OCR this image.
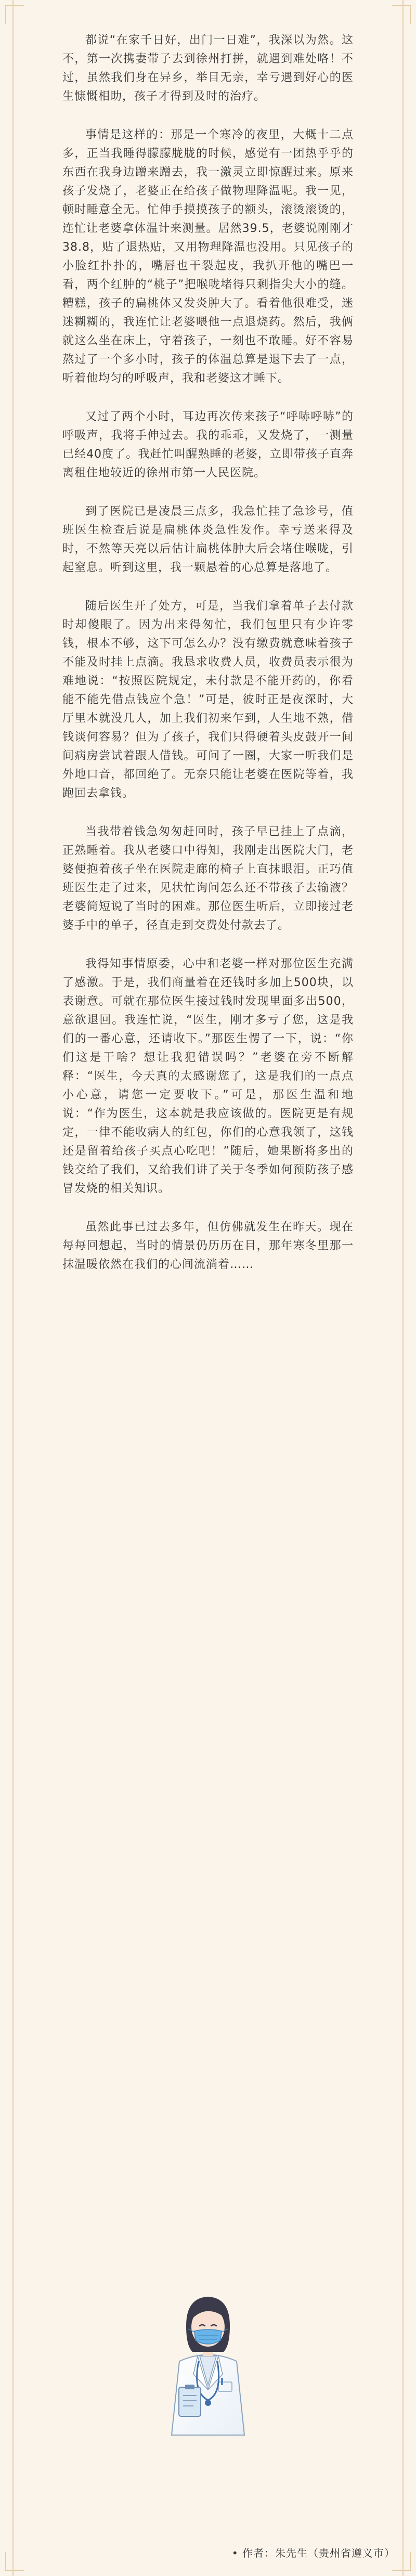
都说“在家千日好，出门一日难”，我深以为然。这不，第一次携妻带子去到徐州打拼，就遇到难处咯！不过，虽然我们身在异乡，举目无亲，幸亏遇到好心的医生慷慨相助，孩子才得到及时的治疗。

事情是这样的：那是一个寒冷的夜里，大概十二点多，正当我睡得朦朦胧胧的时候，感觉有一团热乎乎的东西在我身边蹭来蹭去，我一激灵立即惊醒过来。原来孩子发烧了，老婆正在给孩子做物理降温呢。我一见，顿时睡意全无。忙伸手摸摸孩子的额头，滚烫滚烫的，连忙让老婆拿体温计来测量。居然39.5，老婆说刚刚才38.8，贴了退热贴，又用物理降温也没用。只见孩子的小脸红扑扑的，嘴唇也干裂起皮，我扒开他的嘴巴一看，两个红肿的“桃子”把喉咙堵得只剩指尖大小的缝。糟糕，孩子的扁桃体又发炎肿大了。看着他很难受，迷迷糊糊的，我连忙让老婆喂他一点退烧药。然后，我俩就这么坐在床上，守着孩子，一刻也不敢睡。好不容易熬过了一个多小时，孩子的体温总算是退下去了一点，听着他均匀的呼吸声，我和老婆这才睡下。

又过了两个小时，耳边再次传来孩子“呼哧呼哧”的呼吸声，我将手伸过去。我的乖乖，又发烧了，一测量已经40度了。我赶忙叫醒熟睡的老婆，立即带孩子直奔离租住地较近的徐州市第一人民医院。

到了医院已是凌晨三点多，我急忙挂了急诊号，值班医生检查后说是扁桃体炎急性发作。幸亏送来得及时，不然等天亮以后估计扁桃体肿大后会堵住喉咙，引起窒息。听到这里，我一颗悬着的心总算是落地了。

随后医生开了处方，可是，当我们拿着单子去付款时却傻眼了。因为出来得匆忙，我们包里只有少许零钱，根本不够，这下可怎么办？没有缴费就意味着孩子不能及时挂上点滴。我恳求收费人员，收费员表示很为难地说：“按照医院规定，未付款是不能开药的，你看能不能先借点钱应个急！”可是，彼时正是夜深时，大厅里本就没几人，加上我们初来乍到，人生地不熟，借钱谈何容易？但为了孩子，我们只得硬着头皮鼓开一间间病房尝试着跟人借钱。可问了一圈，大家一听我们是外地口音，都回绝了。无奈只能让老婆在医院等着，我跑回去拿钱。

当我带着钱急匆匆赶回时，孩子早已挂上了点滴，正熟睡着。我从老婆口中得知，我刚走出医院大门，老婆便抱着孩子坐在医院走廊的椅子上直抹眼泪。正巧值班医生走了过来，见状忙询问怎么还不带孩子去输液？老婆简短说了当时的困难。那位医生听后，立即接过老婆手中的单子，径直走到交费处付款去了。

我得知事情原委，心中和老婆一样对那位医生充满了感激。于是，我们商量着在还钱时多加上500块，以表谢意。可就在那位医生接过钱时发现里面多出500，意欲退回。我连忙说，“医生，刚才多亏了您，这是我们的一番心意，还请收下。”那医生愣了一下，说：“你们这是干啥？想让我犯错误吗？”老婆在旁不断解释：“医生，今天真的太感谢您了，这是我们的一点点小心意，请您一定要收下。”可是，那医生温和地说：“作为医生，这本就是我应该做的。医院更是有规定，一律不能收病人的红包，你们的心意我领了，这钱还是留着给孩子买点心吃吧！”随后，她果断将多出的钱交给了我们，又给我们讲了关于冬季如何预防孩子感冒发烧的相关知识。

虽然此事已过去多年，但仿佛就发生在昨天。现在每每回想起，当时的情景仍历历在目，那年寒冬里那一抹温暖依然在我们的心间流淌着……

• 作者：朱先生（贵州省遵义市）
